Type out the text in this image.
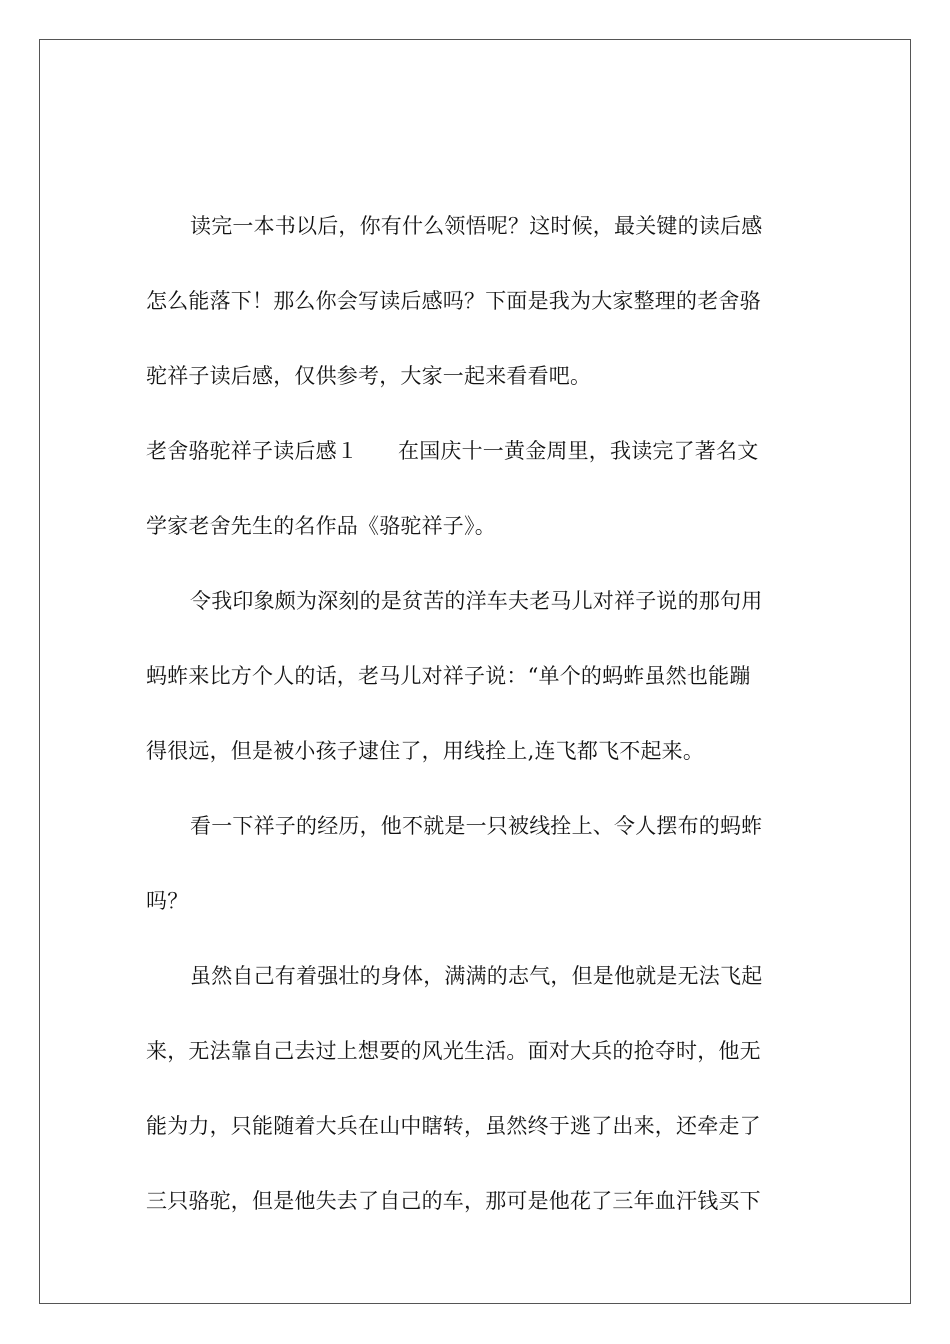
读完一本书以后，你有什么领悟呢？这时候，最关键的读后感
怎么能落下！那么你会写读后感吗？下面是我为大家整理的老舍骆
驼祥子读后感，仅供参考，大家一起来看看吧。
老舍骆驼祥子读后感１ 在国庆十一黄金周里，我读完了著名文
学家老舍先生的名作品《骆驼祥子》。
令我印象颇为深刻的是贫苦的洋车夫老马儿对祥子说的那句用
蚂蚱来比方个人的话，老马儿对祥子说：“单个的蚂蚱虽然也能蹦
得很远，但是被小孩子逮住了，用线拴上,连飞都飞不起来。
看一下祥子的经历，他不就是一只被线拴上、令人摆布的蚂蚱
吗？
虽然自己有着强壮的身体，满满的志气，但是他就是无法飞起
来，无法靠自己去过上想要的风光生活。面对大兵的抢夺时，他无
能为力，只能随着大兵在山中瞎转，虽然终于逃了出来，还牵走了
三只骆驼，但是他失去了自己的车，那可是他花了三年血汗钱买下
